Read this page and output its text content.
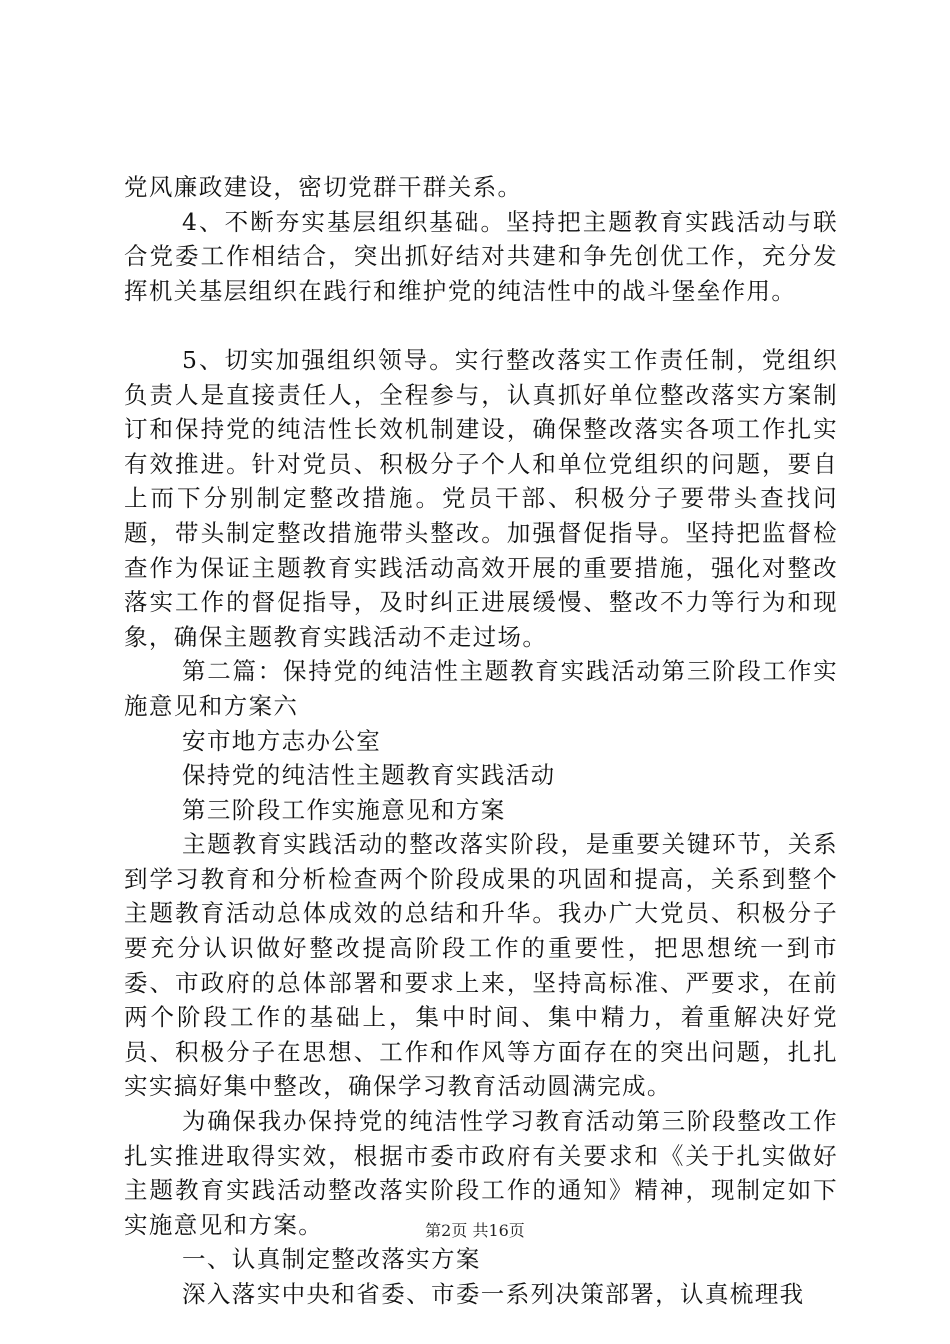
党风廉政建设，密切党群干群关系。

4、不断夯实基层组织基础。坚持把主题教育实践活动与联合党委工作相结合，突出抓好结对共建和争先创优工作，充分发挥机关基层组织在践行和维护党的纯洁性中的战斗堡垒作用。

5、切实加强组织领导。实行整改落实工作责任制，党组织负责人是直接责任人，全程参与，认真抓好单位整改落实方案制订和保持党的纯洁性长效机制建设，确保整改落实各项工作扎实有效推进。针对党员、积极分子个人和单位党组织的问题，要自上而下分别制定整改措施。党员干部、积极分子要带头查找问题，带头制定整改措施带头整改。加强督促指导。坚持把监督检查作为保证主题教育实践活动高效开展的重要措施，强化对整改落实工作的督促指导，及时纠正进展缓慢、整改不力等行为和现象，确保主题教育实践活动不走过场。

第二篇：保持党的纯洁性主题教育实践活动第三阶段工作实施意见和方案六

安市地方志办公室

保持党的纯洁性主题教育实践活动

第三阶段工作实施意见和方案

主题教育实践活动的整改落实阶段，是重要关键环节，关系到学习教育和分析检查两个阶段成果的巩固和提高，关系到整个主题教育活动总体成效的总结和升华。我办广大党员、积极分子要充分认识做好整改提高阶段工作的重要性，把思想统一到市委、市政府的总体部署和要求上来，坚持高标准、严要求，在前两个阶段工作的基础上，集中时间、集中精力，着重解决好党员、积极分子在思想、工作和作风等方面存在的突出问题，扎扎实实搞好集中整改，确保学习教育活动圆满完成。

为确保我办保持党的纯洁性学习教育活动第三阶段整改工作扎实推进取得实效，根据市委市政府有关要求和《关于扎实做好主题教育实践活动整改落实阶段工作的通知》精神，现制定如下实施意见和方案。

一、认真制定整改落实方案

深入落实中央和省委、市委一系列决策部署，认真梳理我

第2页 共16页
